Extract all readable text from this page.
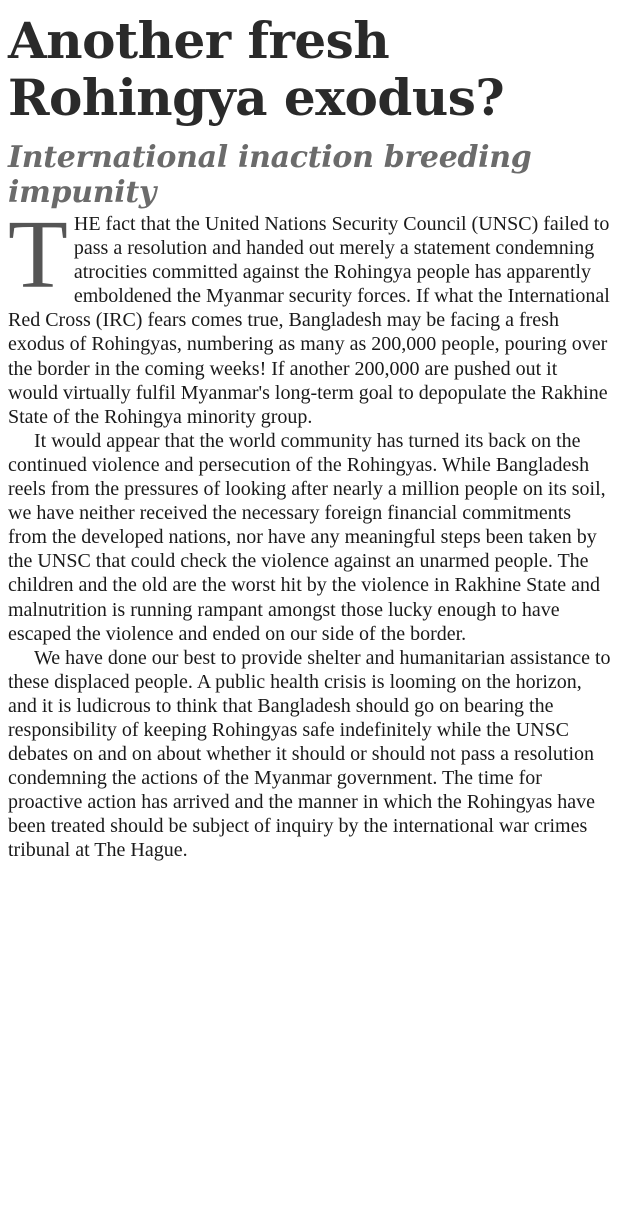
Another fresh Rohingya exodus?
International inaction breeding impunity

THE fact that the United Nations Security Council (UNSC) failed to pass a resolution and handed out merely a statement condemning atrocities committed against the Rohingya people has apparently emboldened the Myanmar security forces. If what the International Red Cross (IRC) fears comes true, Bangladesh may be facing a fresh exodus of Rohingyas, numbering as many as 200,000 people, pouring over the border in the coming weeks! If another 200,000 are pushed out it would virtually fulfil Myanmar's long-term goal to depopulate the Rakhine State of the Rohingya minority group.

It would appear that the world community has turned its back on the continued violence and persecution of the Rohingyas. While Bangladesh reels from the pressures of looking after nearly a million people on its soil, we have neither received the necessary foreign financial commitments from the developed nations, nor have any meaningful steps been taken by the UNSC that could check the violence against an unarmed people. The children and the old are the worst hit by the violence in Rakhine State and malnutrition is running rampant amongst those lucky enough to have escaped the violence and ended on our side of the border.

We have done our best to provide shelter and humanitarian assistance to these displaced people. A public health crisis is looming on the horizon, and it is ludicrous to think that Bangladesh should go on bearing the responsibility of keeping Rohingyas safe indefinitely while the UNSC debates on and on about whether it should or should not pass a resolution condemning the actions of the Myanmar government. The time for proactive action has arrived and the manner in which the Rohingyas have been treated should be subject of inquiry by the international war crimes tribunal at The Hague.
